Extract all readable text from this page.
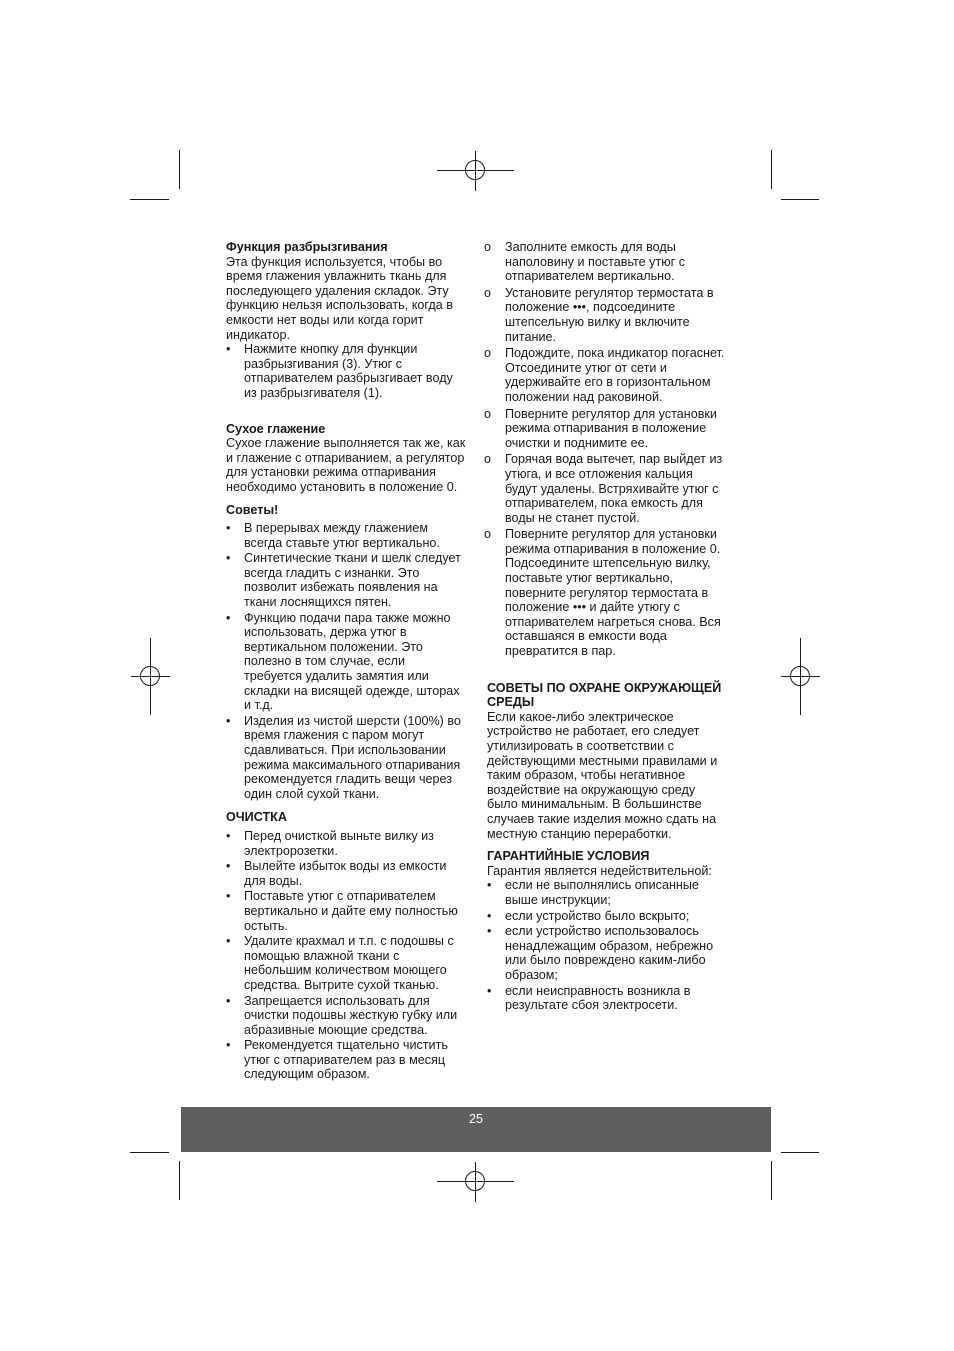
Функция разбрызгивания

Эта функция используется, чтобы во время глажения увлажнить ткань для последующего удаления складок. Эту функцию нельзя использовать, когда в емкости нет воды или когда горит индикатор.

• Нажмите кнопку для функции разбрызгивания (3). Утюг с отпаривателем разбрызгивает воду из разбрызгивателя (1).

Сухое глажение

Сухое глажение выполняется так же, как и глажение с отпариванием, а регулятор для установки режима отпаривания необходимо установить в положение 0.

Советы!

• В перерывах между глажением всегда ставьте утюг вертикально.
• Синтетические ткани и шелк следует всегда гладить с изнанки. Это позволит избежать появления на ткани лоснящихся пятен.
• Функцию подачи пара также можно использовать, держа утюг в вертикальном положении. Это полезно в том случае, если требуется удалить замятия или складки на висящей одежде, шторах и т.д.
• Изделия из чистой шерсти (100%) во время глажения с паром могут сдавливаться. При использовании режима максимального отпаривания рекомендуется гладить вещи через один слой сухой ткани.

ОЧИСТКА

• Перед очисткой выньте вилку из электророзетки.
• Вылейте избыток воды из емкости для воды.
• Поставьте утюг с отпаривателем вертикально и дайте ему полностью остыть.
• Удалите крахмал и т.п. с подошвы с помощью влажной ткани с небольшим количеством моющего средства. Вытрите сухой тканью.
• Запрещается использовать для очистки подошвы жесткую губку или абразивные моющие средства.
• Рекомендуется тщательно чистить утюг с отпаривателем раз в месяц следующим образом.
o Заполните емкость для воды наполовину и поставьте утюг с отпаривателем вертикально.
o Установите регулятор термостата в положение •••, подсоедините штепсельную вилку и включите питание.
o Подождите, пока индикатор погаснет. Отсоедините утюг от сети и удерживайте его в горизонтальном положении над раковиной.
o Поверните регулятор для установки режима отпаривания в положение очистки и поднимите ее.
o Горячая вода вытечет, пар выйдет из утюга, и все отложения кальция будут удалены. Встряхивайте утюг с отпаривателем, пока емкость для воды не станет пустой.
o Поверните регулятор для установки режима отпаривания в положение 0. Подсоедините штепсельную вилку, поставьте утюг вертикально, поверните регулятор термостата в положение ••• и дайте утюгу с отпаривателем нагреться снова. Вся оставшаяся в емкости вода превратится в пар.

СОВЕТЫ ПО ОХРАНЕ ОКРУЖАЮЩЕЙ СРЕДЫ

Если какое-либо электрическое устройство не работает, его следует утилизировать в соответствии с действующими местными правилами и таким образом, чтобы негативное воздействие на окружающую среду было минимальным. В большинстве случаев такие изделия можно сдать на местную станцию переработки.

ГАРАНТИЙНЫЕ УСЛОВИЯ

Гарантия является недействительной:

• если не выполнялись описанные выше инструкции;
• если устройство было вскрыто;
• если устройство использовалось ненадлежащим образом, небрежно или было повреждено каким-либо образом;
• если неисправность возникла в результате сбоя электросети.
25
